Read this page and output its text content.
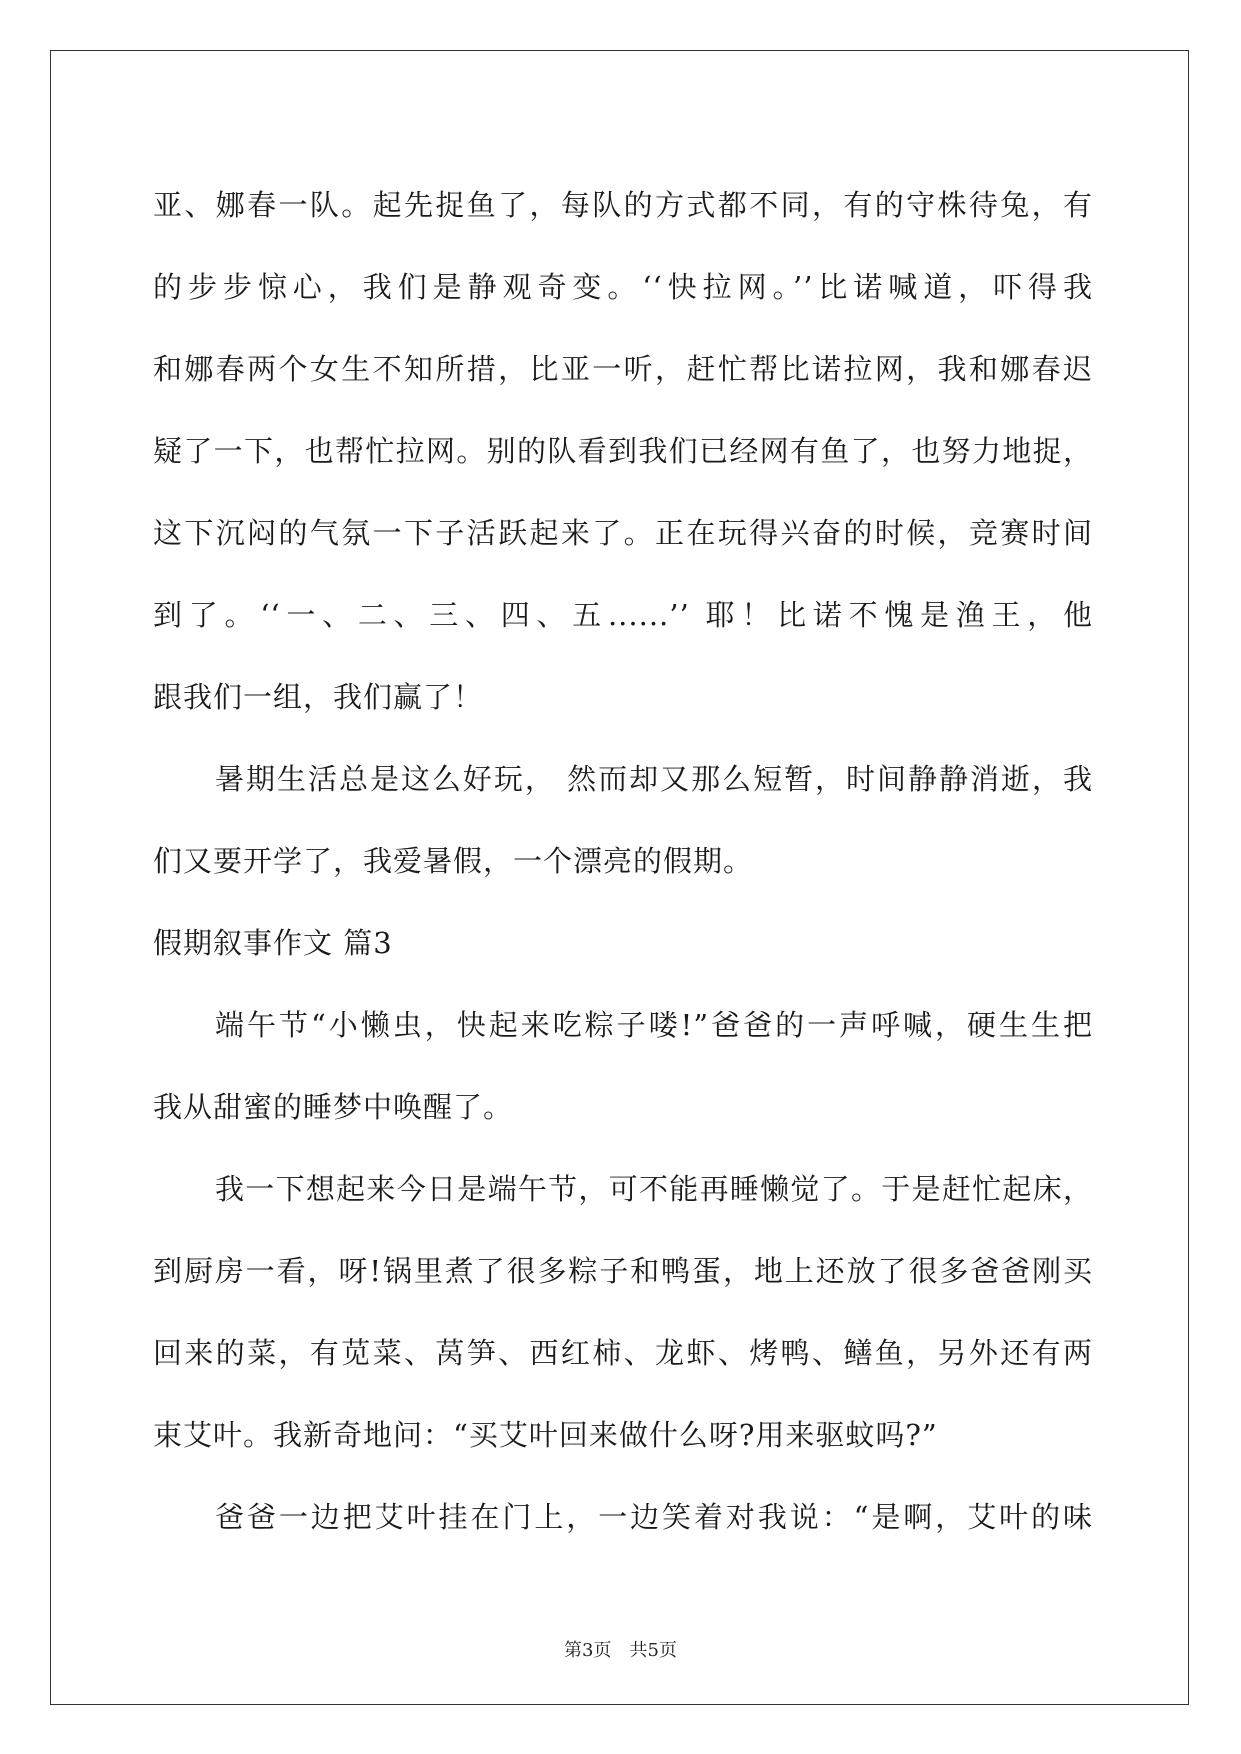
亚、娜春一队。起先捉鱼了，每队的方式都不同，有的守株待兔，有
的步步惊心，我们是静观奇变。‘‘快拉网。’’比诺喊道，吓得我
和娜春两个女生不知所措，比亚一听，赶忙帮比诺拉网，我和娜春迟
疑了一下，也帮忙拉网。别的队看到我们已经网有鱼了，也努力地捉，
这下沉闷的气氛一下子活跃起来了。正在玩得兴奋的时候，竞赛时间
到了。‘‘一、二、三、四、五......’’ 耶！比诺不愧是渔王，他
跟我们一组，我们赢了！
暑期生活总是这么好玩， 然而却又那么短暂，时间静静消逝，我
们又要开学了，我爱暑假，一个漂亮的假期。
假期叙事作文 篇3
端午节“小懒虫，快起来吃粽子喽!”爸爸的一声呼喊，硬生生把
我从甜蜜的睡梦中唤醒了。
我一下想起来今日是端午节，可不能再睡懒觉了。于是赶忙起床，
到厨房一看，呀!锅里煮了很多粽子和鸭蛋，地上还放了很多爸爸刚买
回来的菜，有苋菜、莴笋、西红柿、龙虾、烤鸭、鳝鱼，另外还有两
束艾叶。我新奇地问：“买艾叶回来做什么呀?用来驱蚊吗?”
爸爸一边把艾叶挂在门上，一边笑着对我说：“是啊，艾叶的味
第3页　共5页
